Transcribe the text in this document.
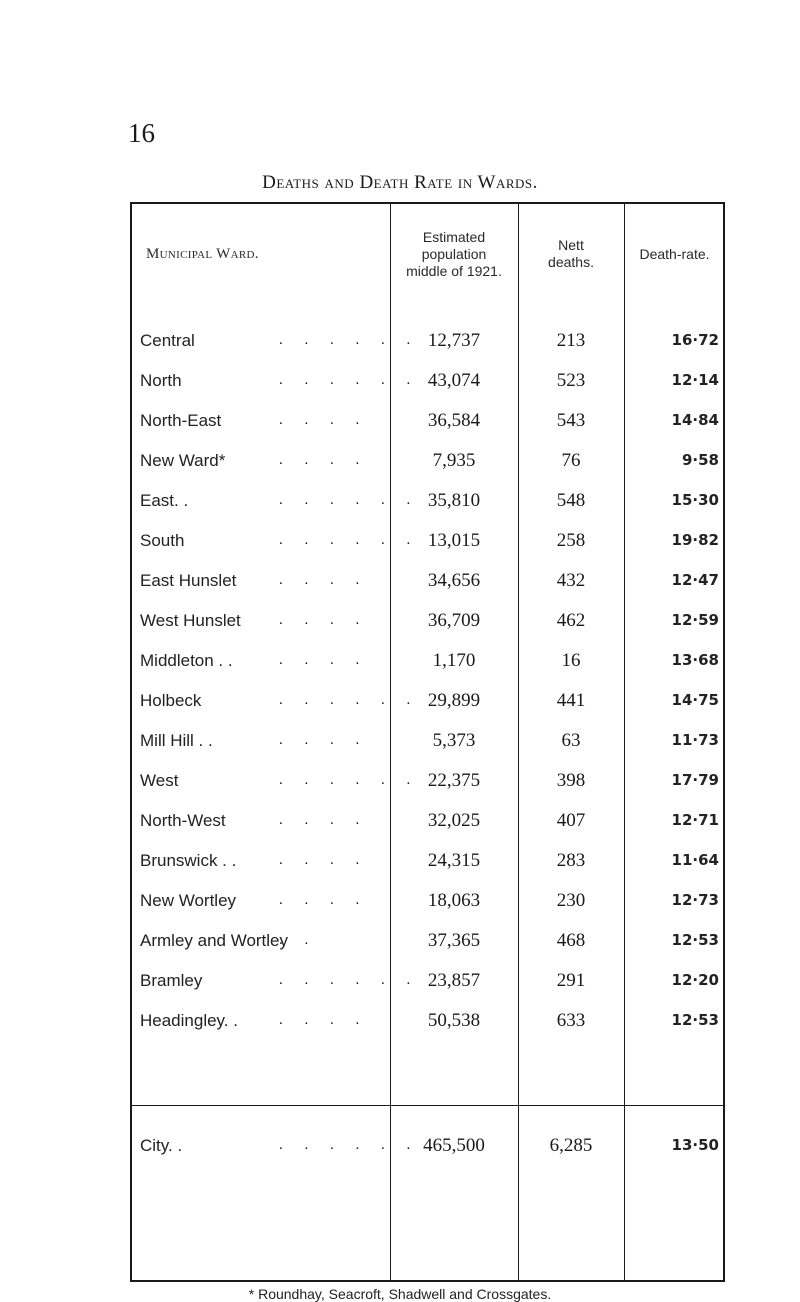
16
Deaths and Death Rate in Wards.
Municipal Ward.
Estimated population middle of 1921.
Nett deaths.
Death-rate.
Central	12,737	213	16·72
. . . . . .
North	43,074	523	12·14
. . . . . .
North-East	36,584	543	14·84
. . . .
New Ward*	7,935	76	9·58
. . . .
East. .	35,810	548	15·30
. . . . . .
South	13,015	258	19·82
. . . . . .
East Hunslet	34,656	432	12·47
. . . .
West Hunslet	36,709	462	12·59
. . . .
Middleton . .	1,170	16	13·68
. . . .
Holbeck	29,899	441	14·75
. . . . . .
Mill Hill . .	5,373	63	11·73
. . . .
West	22,375	398	17·79
. . . . . .
North-West	32,025	407	12·71
. . . .
Brunswick . .	24,315	283	11·64
. . . .
New Wortley	18,063	230	12·73
. . . .
Armley and Wortley	37,365	468	12·53
. .
Bramley	23,857	291	12·20
. . . . . .
Headingley. .	50,538	633	12·53
. . . .
City. .	465,500	6,285	13·50
. . . . . .
* Roundhay, Seacroft, Shadwell and Crossgates.
